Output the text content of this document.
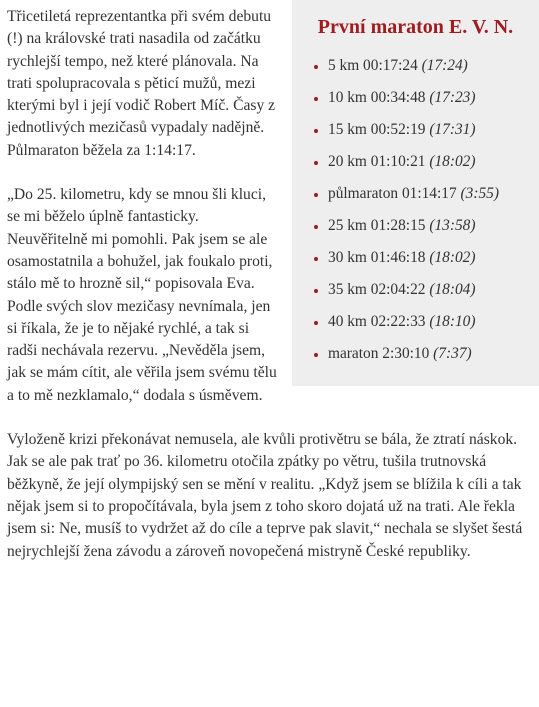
První maraton E. V. N.
5 km 00:17:24 (17:24)
10 km 00:34:48 (17:23)
15 km 00:52:19 (17:31)
20 km 01:10:21 (18:02)
půlmaraton 01:14:17 (3:55)
25 km 01:28:15 (13:58)
30 km 01:46:18 (18:02)
35 km 02:04:22 (18:04)
40 km 02:22:33 (18:10)
maraton 2:30:10 (7:37)

Třicetiletá reprezentantka při svém debutu (!) na královské trati nasadila od začátku rychlejší tempo, než které plánovala. Na trati spolupracovala s pěticí mužů, mezi kterými byl i její vodič Robert Míč. Časy z jednotlivých mezičasů vypadaly nadějně. Půlmaraton běžela za 1:14:17.

„Do 25. kilometru, kdy se mnou šli kluci, se mi běželo úplně fantasticky. Neuvěřitelně mi pomohli. Pak jsem se ale osamostatnila a bohužel, jak foukalo proti, stálo mě to hrozně sil,“ popisovala Eva. Podle svých slov mezičasy nevnímala, jen si říkala, že je to nějaké rychlé, a tak si radši nechávala rezervu. „Nevěděla jsem, jak se mám cítit, ale věřila jsem svému tělu a to mě nezklamalo,“ dodala s úsměvem.

Vyloženě krizi překonávat nemusela, ale kvůli protivětru se bála, že ztratí náskok. Jak se ale pak trať po 36. kilometru otočila zpátky po větru, tušila trutnovská běžkyně, že její olympijský sen se mění v realitu. „Když jsem se blížila k cíli a tak nějak jsem si to propočítávala, byla jsem z toho skoro dojatá už na trati. Ale řekla jsem si: Ne, musíš to vydržet až do cíle a teprve pak slavit,“ nechala se slyšet šestá nejrychlejší žena závodu a zároveň novopečená mistryně České republiky.
